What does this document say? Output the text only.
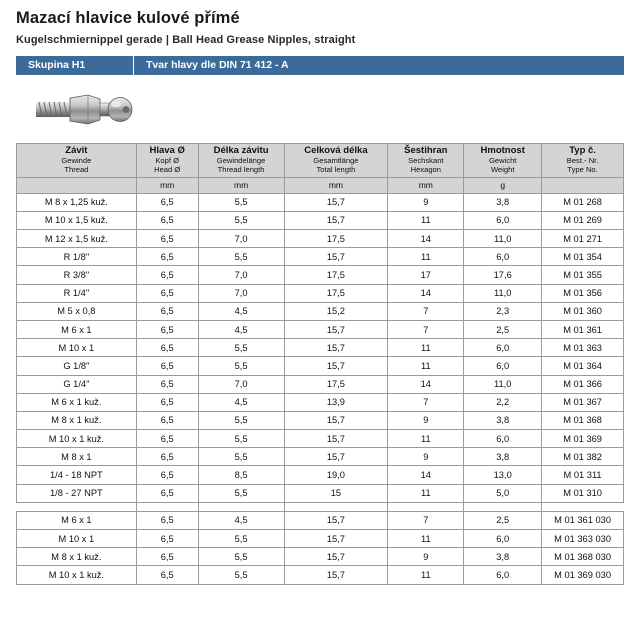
Mazací hlavice kulové přímé
Kugelschmiernippel gerade | Ball Head Grease Nipples, straight
Skupina H1	Tvar hlavy dle DIN 71 412 - A
Závit
Gewinde
Thread	Hlava Ø
Kopf Ø
Head Ø	Délka závitu
Gewindelänge
Thread length	Celková délka
Gesamtlänge
Total length	Šestihran
Sechskant
Hexagon	Hmotnost
Gewicht
Weight	Typ č.
Best.- Nr.
Type No.

	mm	mm	mm	mm	g	
M 8 x 1,25 kuž.	6,5	5,5	15,7	9	3,8	M 01 268
M 10 x 1,5 kuž.	6,5	5,5	15,7	11	6,0	M 01 269
M 12 x 1,5 kuž.	6,5	7,0	17,5	14	11,0	M 01 271
R 1/8"	6,5	5,5	15,7	11	6,0	M 01 354
R 3/8"	6,5	7,0	17,5	17	17,6	M 01 355
R 1/4"	6,5	7,0	17,5	14	11,0	M 01 356
M 5 x 0,8	6,5	4,5	15,2	7	2,3	M 01 360
M 6 x 1	6,5	4,5	15,7	7	2,5	M 01 361
M 10 x 1	6,5	5,5	15,7	11	6,0	M 01 363
G 1/8"	6,5	5,5	15,7	11	6,0	M 01 364
G 1/4"	6,5	7,0	17,5	14	11,0	M 01 366
M 6 x 1 kuž.	6,5	4,5	13,9	7	2,2	M 01 367
M 8 x 1 kuž.	6,5	5,5	15,7	9	3,8	M 01 368
M 10 x 1 kuž.	6,5	5,5	15,7	11	6,0	M 01 369
M 8 x 1	6,5	5,5	15,7	9	3,8	M 01 382
1/4 - 18 NPT	6,5	8,5	19,0	14	13,0	M 01 311
1/8 - 27 NPT	6,5	5,5	15	11	5,0	M 01 310

M 6 x 1	6,5	4,5	15,7	7	2,5	M 01 361 030
M 10 x 1	6,5	5,5	15,7	11	6,0	M 01 363 030
M 8 x 1 kuž.	6,5	5,5	15,7	9	3,8	M 01 368 030
M 10 x 1 kuž.	6,5	5,5	15,7	11	6,0	M 01 369 030
